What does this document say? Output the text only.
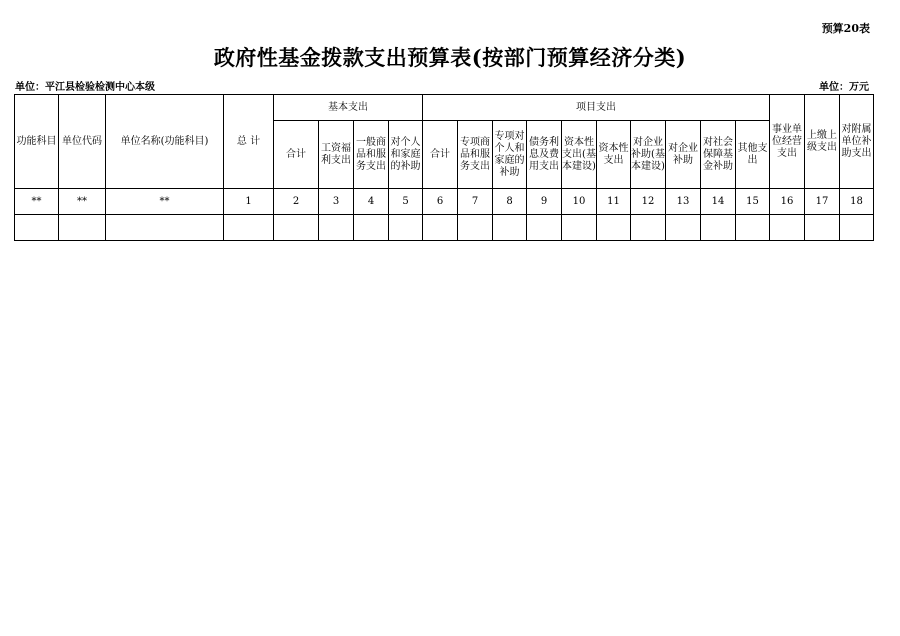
预算20表
政府性基金拨款支出预算表(按部门预算经济分类)
单位：平江县检验检测中心本级	单位：万元
功能科目	单位代码	单位名称(功能科目)	总 计	基本支出				项目支出										事业单位经营支出	上缴上级支出	对附属单位补助支出
				合计	工资福利支出	一般商品和服务支出	对个人和家庭的补助	合计	专项商品和服务支出	专项对个人和家庭的补助	债务利息及费用支出	资本性支出(基本建设)	资本性支出	对企业补助(基本建设)	对企业补助	对社会保障基金补助	其他支出			
**	**	**	1	2	3	4	5	6	7	8	9	10	11	12	13	14	15	16	17	18
